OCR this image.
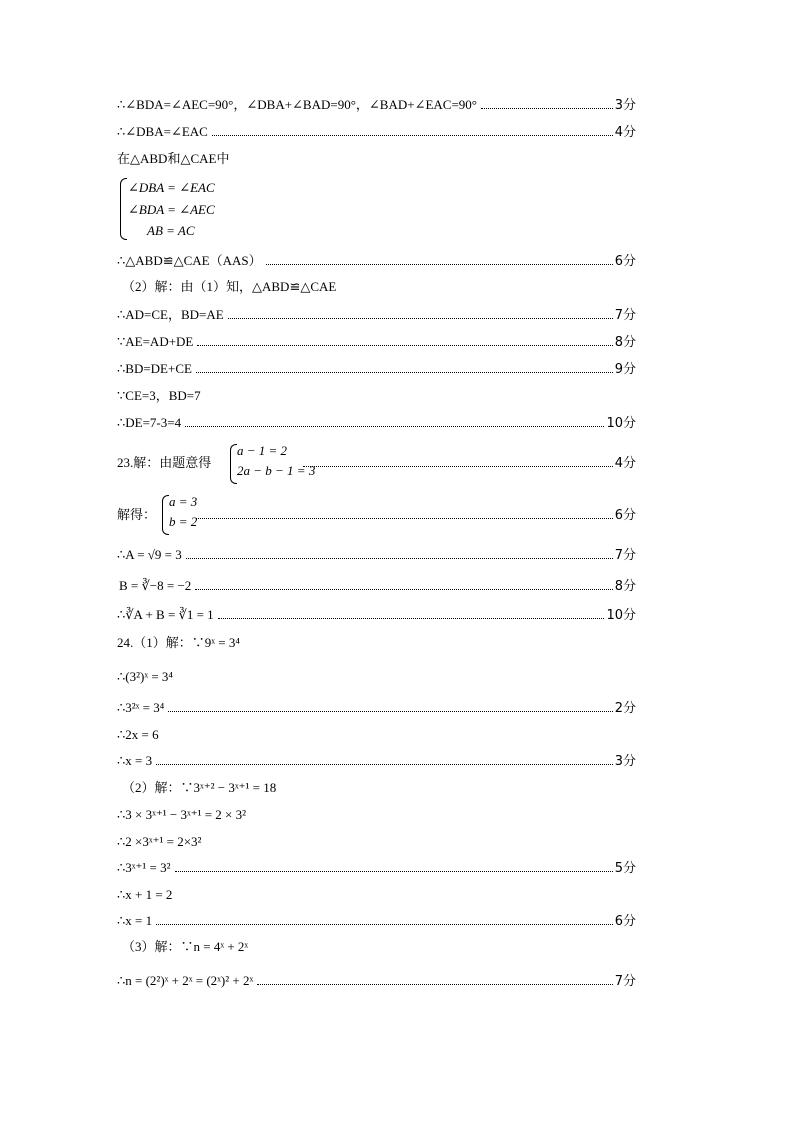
∴∠BDA=∠AEC=90°，∠DBA+∠BAD=90°，∠BAD+∠EAC=90°	3分
∴∠DBA=∠EAC	4分
在△ABD和△CAE中
∠DBA = ∠EAC
∠BDA = ∠AEC
AB = AC
∴△ABD≌△CAE（AAS）	6分
（2）解：由（1）知，△ABD≌△CAE
∴AD=CE，BD=AE	7分
∵AE=AD+DE	8分
∴BD=DE+CE	9分
∵CE=3，BD=7
∴DE=7-3=4	10分
23.解：由题意得	4分
a − 1 = 2
2a − b − 1 = 3
解得：	6分
a = 3
b = 2
∴A = √9 = 3	7分
B = ∛−8 = −2	8分
∴∛A + B = ∛1 = 1	10分
24.（1）解：∵9ˣ = 3⁴
∴(3²)ˣ = 3⁴
∴3²ˣ = 3⁴	2分
∴2x = 6
∴x = 3	3分
（2）解：∵3ˣ⁺² − 3ˣ⁺¹ = 18
∴3 × 3ˣ⁺¹ − 3ˣ⁺¹ = 2 × 3²
∴2 ×3ˣ⁺¹ = 2×3²
∴3ˣ⁺¹ = 3²	5分
∴x + 1 = 2
∴x = 1	6分
（3）解：∵n = 4ˣ + 2ˣ
∴n = (2²)ˣ + 2ˣ = (2ˣ)² + 2ˣ	7分
